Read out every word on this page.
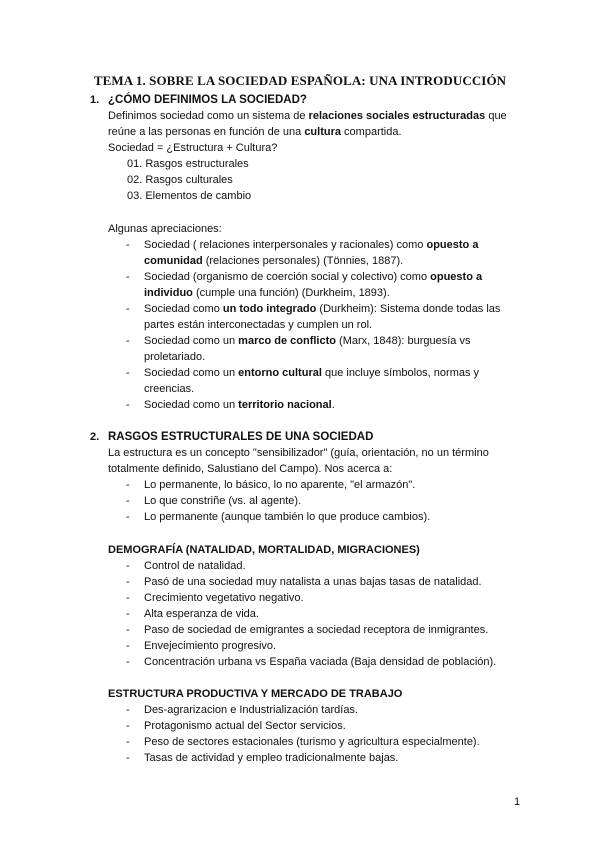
TEMA 1. SOBRE LA SOCIEDAD ESPAÑOLA: UNA INTRODUCCIÓN
1. ¿CÓMO DEFINIMOS LA SOCIEDAD?
Definimos sociedad como un sistema de relaciones sociales estructuradas que
reúne a las personas en función de una cultura compartida.
Sociedad = ¿Estructura + Cultura?
01. Rasgos estructurales
02. Rasgos culturales
03. Elementos de cambio
Algunas apreciaciones:
- Sociedad ( relaciones interpersonales y racionales) como opuesto a
comunidad (relaciones personales) (Tönnies, 1887).
- Sociedad (organismo de coerción social y colectivo) como opuesto a
individuo (cumple una función) (Durkheim, 1893).
- Sociedad como un todo integrado (Durkheim): Sistema donde todas las
partes están interconectadas y cumplen un rol.
- Sociedad como un marco de conflicto (Marx, 1848): burguesía vs
proletariado.
- Sociedad como un entorno cultural que incluye símbolos, normas y
creencias.
- Sociedad como un territorio nacional.
2. RASGOS ESTRUCTURALES DE UNA SOCIEDAD
La estructura es un concepto "sensibilizador" (guía, orientación, no un término
totalmente definido, Salustiano del Campo). Nos acerca a:
- Lo permanente, lo básico, lo no aparente, "el armazón".
- Lo que constriñe (vs. al agente).
- Lo permanente (aunque también lo que produce cambios).
DEMOGRAFÍA (NATALIDAD, MORTALIDAD, MIGRACIONES)
- Control de natalidad.
- Pasó de una sociedad muy natalista a unas bajas tasas de natalidad.
- Crecimiento vegetativo negativo.
- Alta esperanza de vida.
- Paso de sociedad de emigrantes a sociedad receptora de inmigrantes.
- Envejecimiento progresivo.
- Concentración urbana vs España vaciada (Baja densidad de población).
ESTRUCTURA PRODUCTIVA Y MERCADO DE TRABAJO
- Des-agrarizacion e Industrialización tardías.
- Protagonismo actual del Sector servicios.
- Peso de sectores estacionales (turismo y agricultura especialmente).
- Tasas de actividad y empleo tradicionalmente bajas.
1
